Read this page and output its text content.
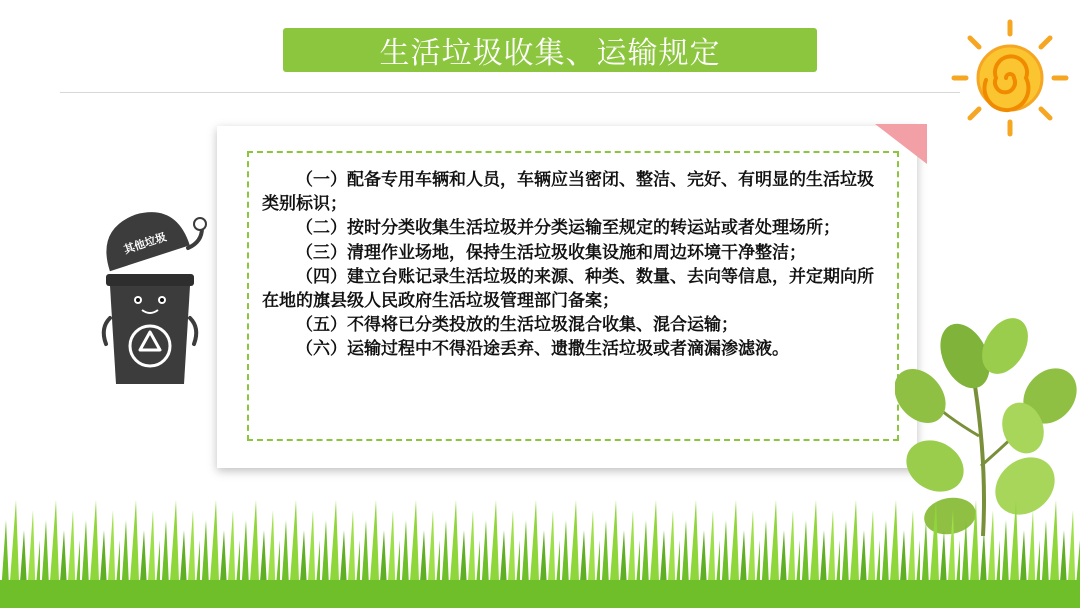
生活垃圾收集、运输规定

（一）配备专用车辆和人员，车辆应当密闭、整洁、完好、有明显的生活垃圾类别标识；

（二）按时分类收集生活垃圾并分类运输至规定的转运站或者处理场所；

（三）清理作业场地，保持生活垃圾收集设施和周边环境干净整洁；

（四）建立台账记录生活垃圾的来源、种类、数量、去向等信息，并定期向所在地的旗县级人民政府生活垃圾管理部门备案；

（五）不得将已分类投放的生活垃圾混合收集、混合运输；

（六）运输过程中不得沿途丢弃、遗撒生活垃圾或者滴漏渗滤液。

其他垃圾
